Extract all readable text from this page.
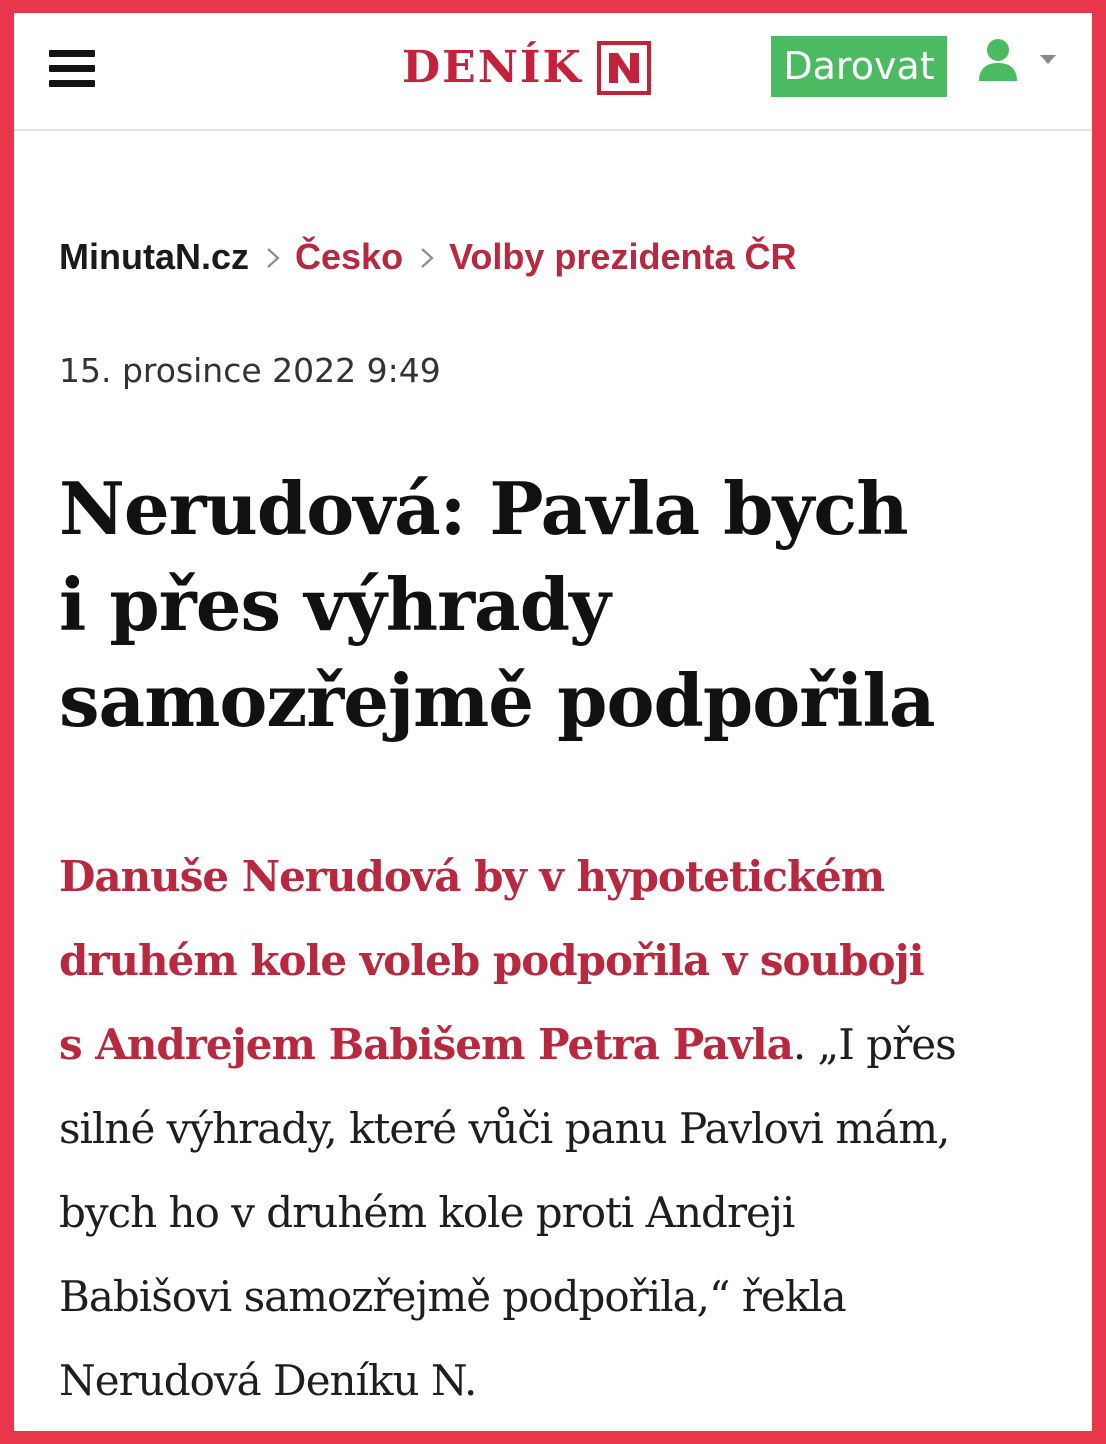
DENÍK	Darovat
MinutaN.cz Česko Volby prezidenta ČR
15. prosince 2022 9:49
Nerudová: Pavla bych
i přes výhrady
samozřejmě podpořila

Danuše Nerudová by v hypotetickém
druhém kole voleb podpořila v souboji
s Andrejem Babišem Petra Pavla. „I přes
silné výhrady, které vůči panu Pavlovi mám,
bych ho v druhém kole proti Andreji
Babišovi samozřejmě podpořila,“ řekla
Nerudová Deníku N.
